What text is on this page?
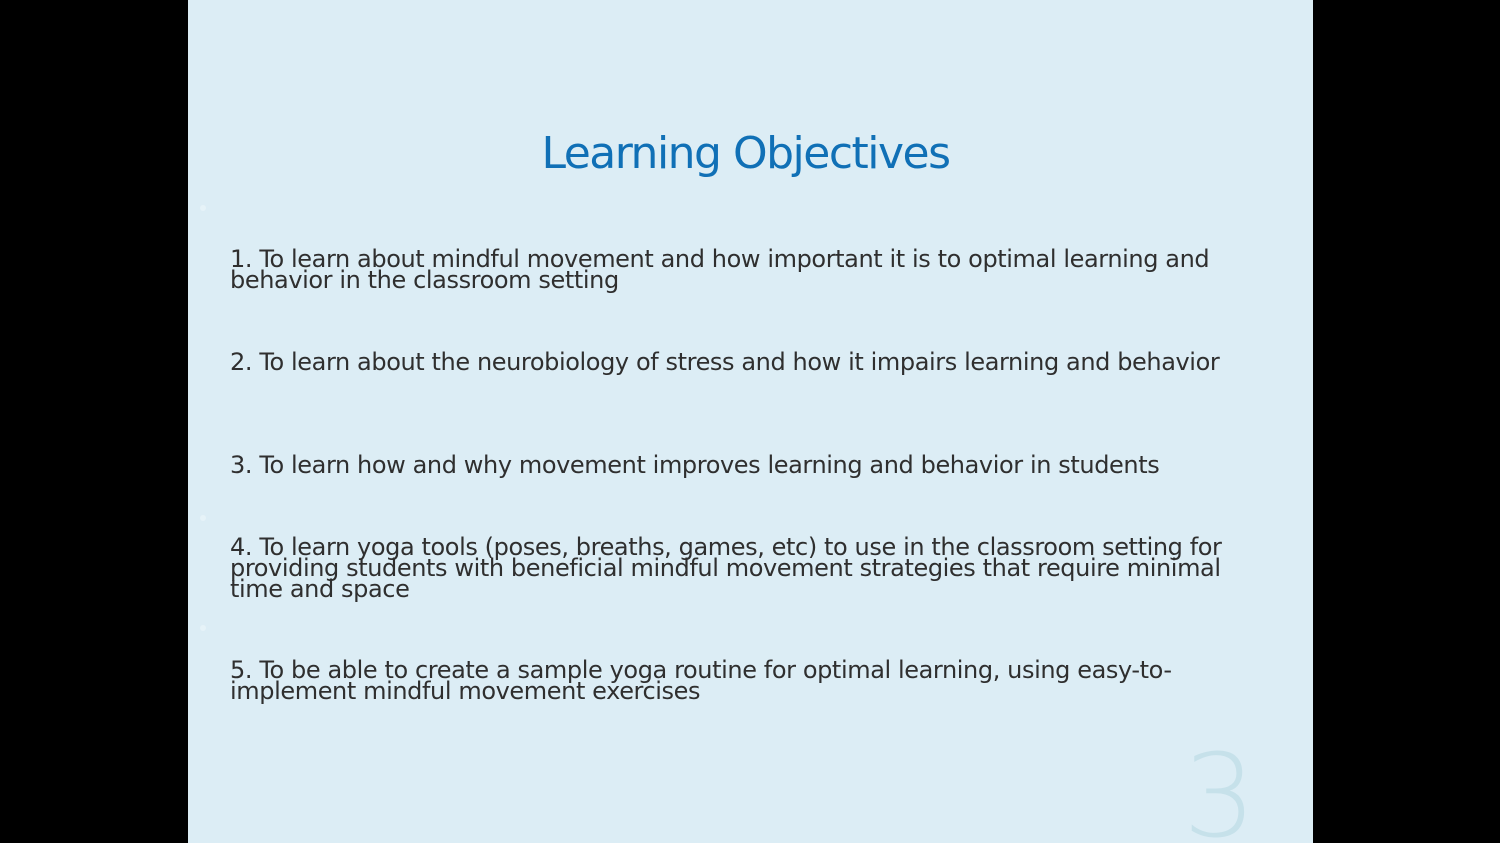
Learning Objectives
1. To learn about mindful movement and how important it is to optimal learning and behavior in the classroom setting
2. To learn about the neurobiology of stress and how it impairs learning and behavior
3. To learn how and why movement improves learning and behavior in students
4. To learn yoga tools (poses, breaths, games, etc) to use in the classroom setting for providing students with beneficial mindful movement strategies that require minimal time and space
5. To be able to create a sample yoga routine for optimal learning, using easy-to-implement mindful movement exercises
3
